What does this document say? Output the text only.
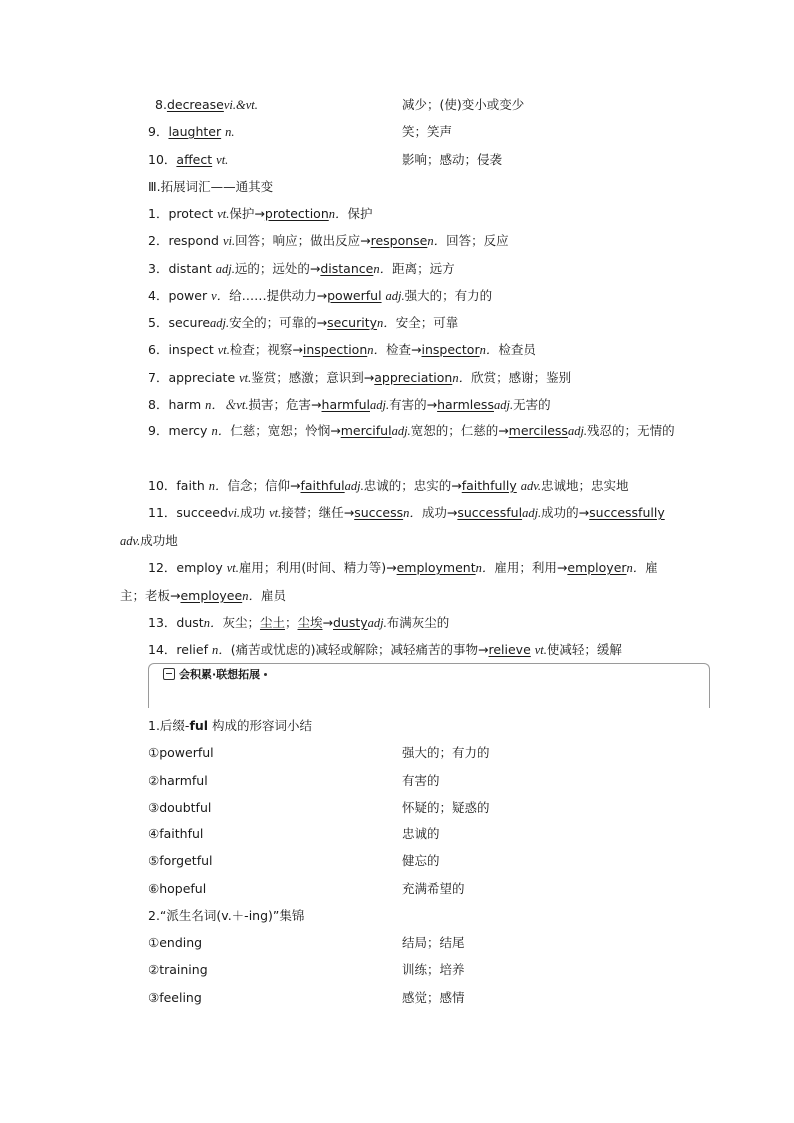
8.decreasevi.&vt.	减少；(使)变小或变少
9．laughter n.	笑；笑声
10．affect vt.	影响；感动；侵袭
Ⅲ.拓展词汇——通其变
1．protect vt.保护→protectionn．保护
2．respond vi.回答；响应；做出反应→responsen．回答；反应
3．distant adj.远的；远处的→distancen．距离；远方
4．power v．给……提供动力→powerful adj.强大的；有力的
5．secureadj.安全的；可靠的→securityn．安全；可靠
6．inspect vt.检查；视察→inspectionn．检查→inspectorn．检查员
7．appreciate vt.鉴赏；感激；意识到→appreciationn．欣赏；感谢；鉴别
8．harm n．＆vt.损害；危害→harmfuladj.有害的→harmlessadj.无害的
9．mercy n．仁慈；宽恕；怜悯→mercifuladj.宽恕的；仁慈的→mercilessadj.残忍的；无情的
10．faith n．信念；信仰→faithfuladj.忠诚的；忠实的→faithfully adv.忠诚地；忠实地
11．succeedvi.成功 vt.接替；继任→successn．成功→successfuladj.成功的→successfully adv.成功地
12．employ vt.雇用；利用(时间、精力等)→employmentn．雇用；利用→employern．雇主；老板→employeen．雇员
13．dustn．灰尘；尘土；尘埃→dustyadj.布满灰尘的
14．relief n．(痛苦或忧虑的)减轻或解除；减轻痛苦的事物→relieve vt.使减轻；缓解
会积累·联想拓展
1.后缀-ful 构成的形容词小结
①powerful	强大的；有力的
②harmful	有害的
③doubtful	怀疑的；疑惑的
④faithful	忠诚的
⑤forgetful	健忘的
⑥hopeful	充满希望的
2.“派生名词(v.＋-ing)”集锦
①ending	结局；结尾
②training	训练；培养
③feeling	感觉；感情
